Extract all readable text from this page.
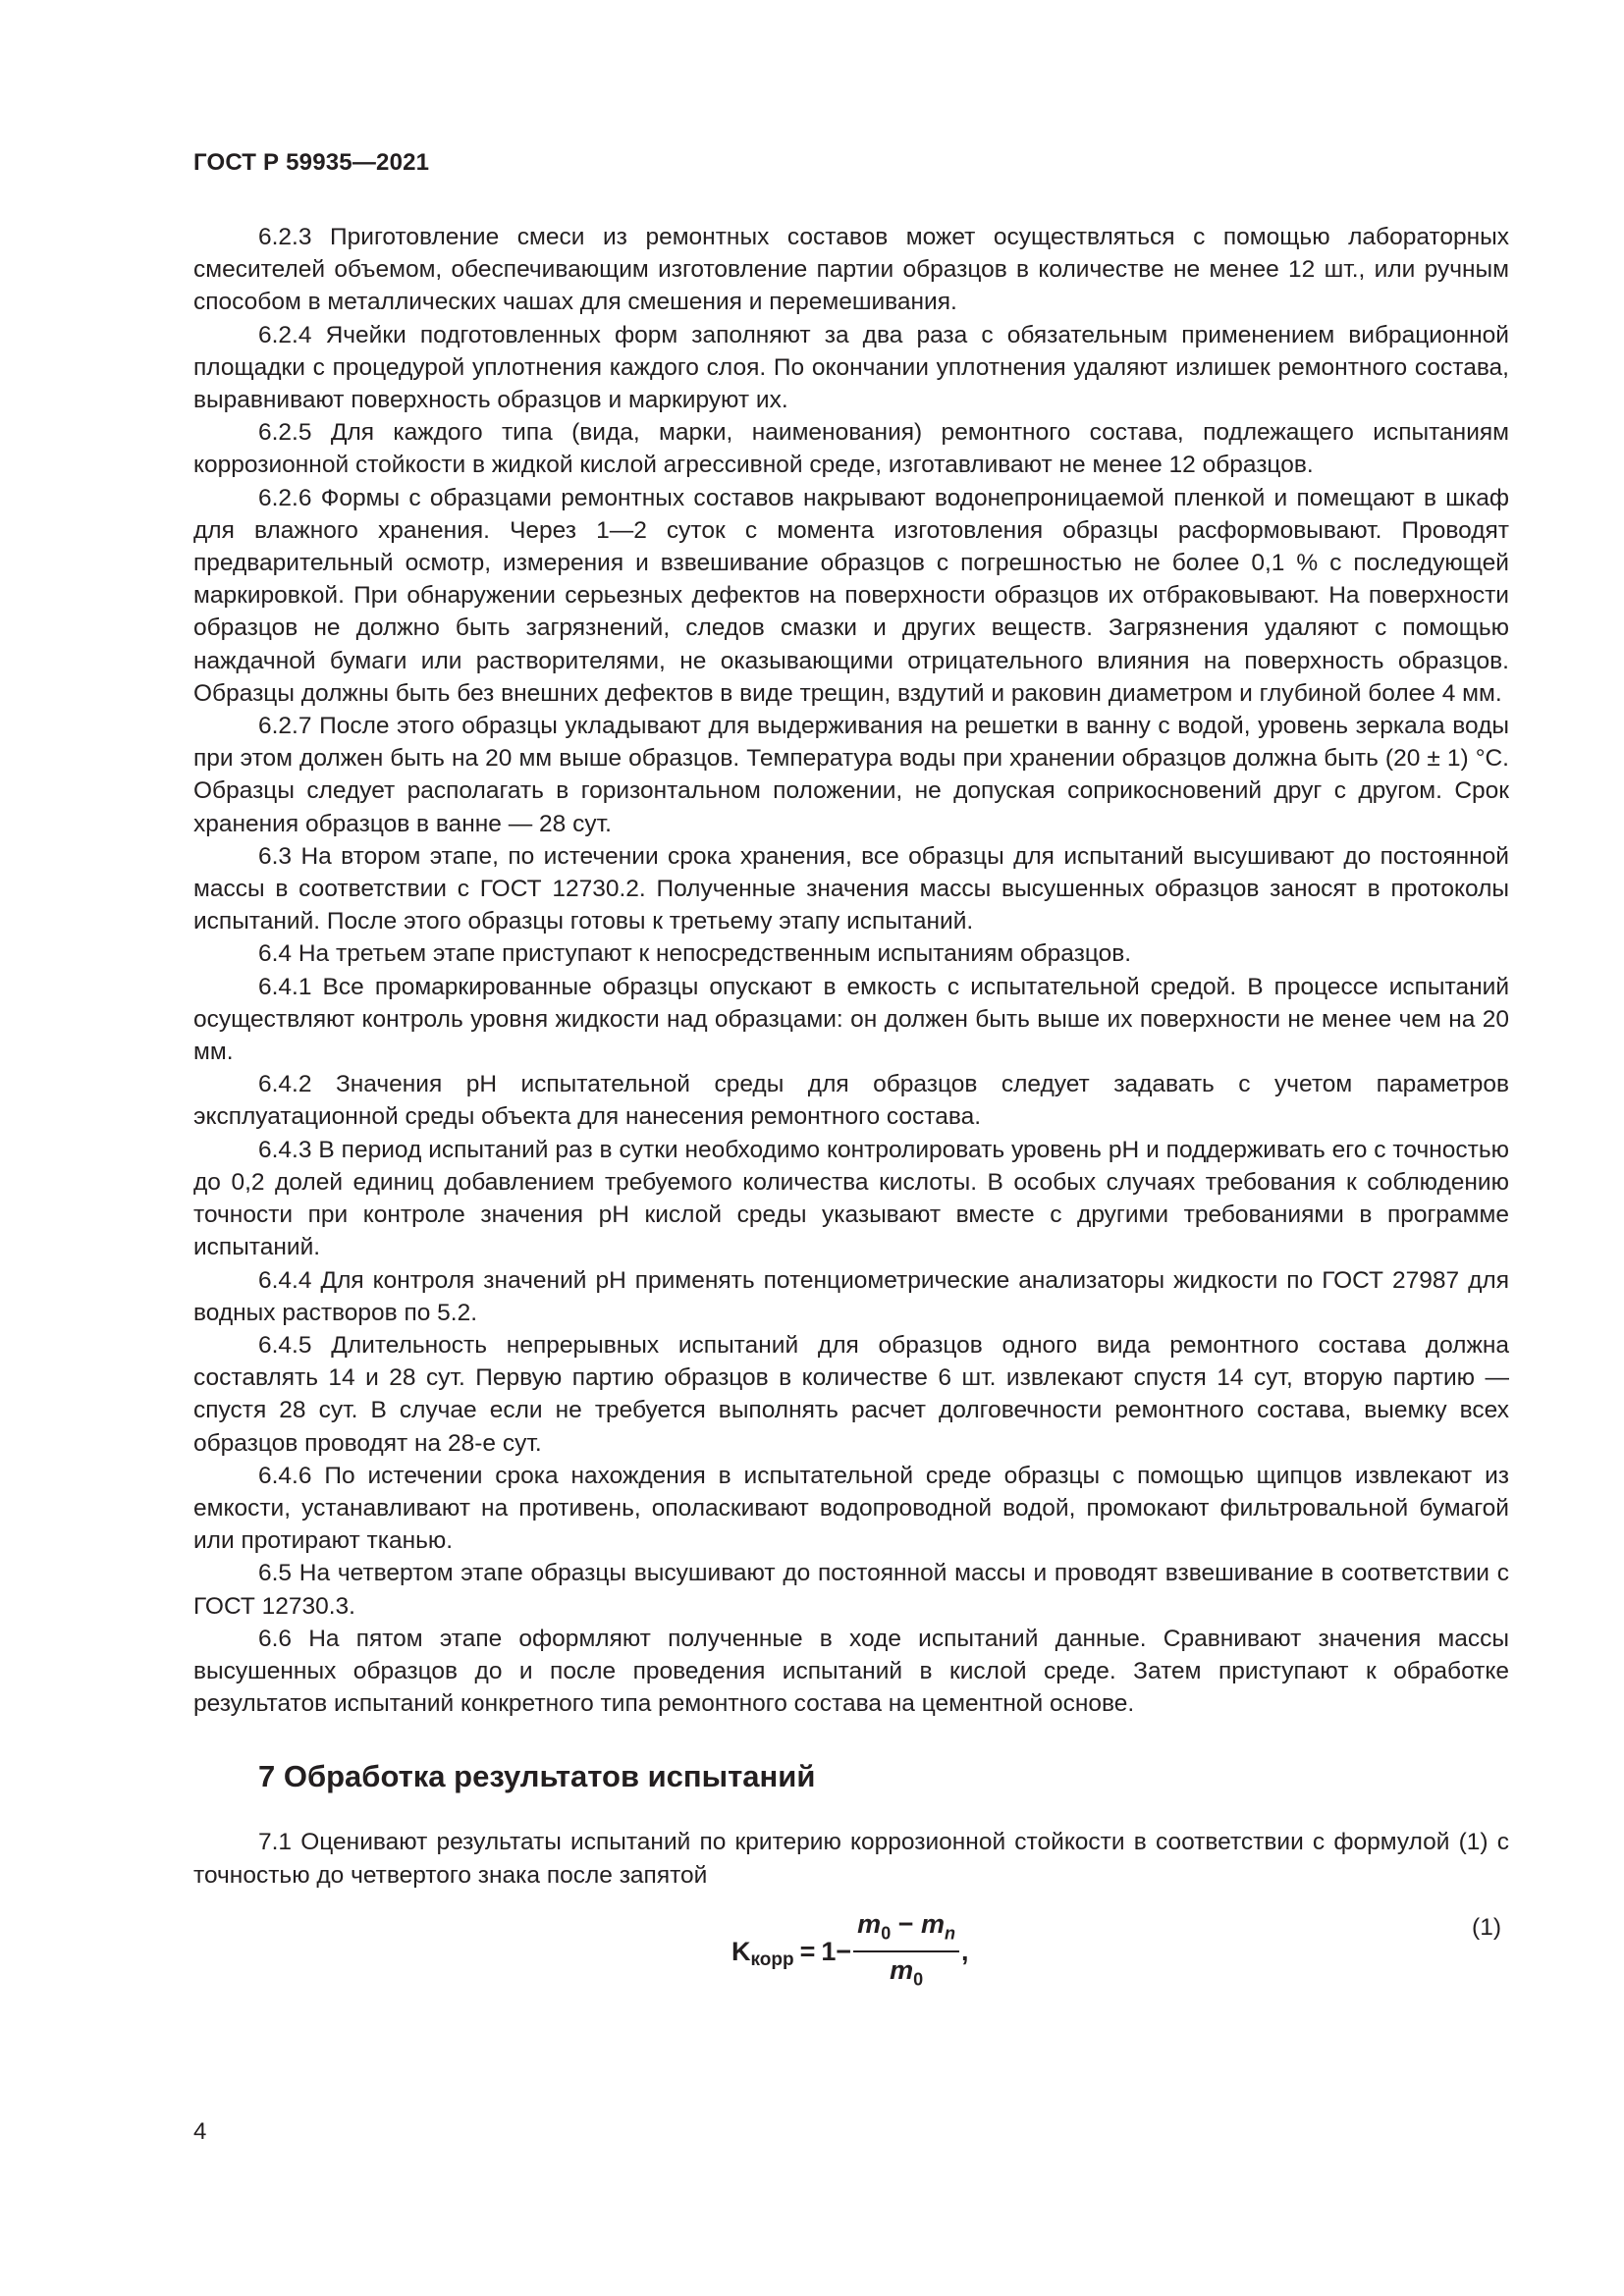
ГОСТ Р 59935—2021

6.2.3 Приготовление смеси из ремонтных составов может осуществляться с помощью лабораторных смесителей объемом, обеспечивающим изготовление партии образцов в количестве не менее 12 шт., или ручным способом в металлических чашах для смешения и перемешивания.

6.2.4 Ячейки подготовленных форм заполняют за два раза с обязательным применением вибрационной площадки с процедурой уплотнения каждого слоя. По окончании уплотнения удаляют излишек ремонтного состава, выравнивают поверхность образцов и маркируют их.

6.2.5 Для каждого типа (вида, марки, наименования) ремонтного состава, подлежащего испытаниям коррозионной стойкости в жидкой кислой агрессивной среде, изготавливают не менее 12 образцов.

6.2.6 Формы с образцами ремонтных составов накрывают водонепроницаемой пленкой и помещают в шкаф для влажного хранения. Через 1—2 суток с момента изготовления образцы расформовывают. Проводят предварительный осмотр, измерения и взвешивание образцов с погрешностью не более 0,1 % с последующей маркировкой. При обнаружении серьезных дефектов на поверхности образцов их отбраковывают. На поверхности образцов не должно быть загрязнений, следов смазки и других веществ. Загрязнения удаляют с помощью наждачной бумаги или растворителями, не оказывающими отрицательного влияния на поверхность образцов. Образцы должны быть без внешних дефектов в виде трещин, вздутий и раковин диаметром и глубиной более 4 мм.

6.2.7 После этого образцы укладывают для выдерживания на решетки в ванну с водой, уровень зеркала воды при этом должен быть на 20 мм выше образцов. Температура воды при хранении образцов должна быть (20 ± 1) °С. Образцы следует располагать в горизонтальном положении, не допуская соприкосновений друг с другом. Срок хранения образцов в ванне — 28 сут.

6.3 На втором этапе, по истечении срока хранения, все образцы для испытаний высушивают до постоянной массы в соответствии с ГОСТ 12730.2. Полученные значения массы высушенных образцов заносят в протоколы испытаний. После этого образцы готовы к третьему этапу испытаний.

6.4 На третьем этапе приступают к непосредственным испытаниям образцов.

6.4.1 Все промаркированные образцы опускают в емкость с испытательной средой. В процессе испытаний осуществляют контроль уровня жидкости над образцами: он должен быть выше их поверхности не менее чем на 20 мм.

6.4.2 Значения pH испытательной среды для образцов следует задавать с учетом параметров эксплуатационной среды объекта для нанесения ремонтного состава.

6.4.3 В период испытаний раз в сутки необходимо контролировать уровень pH и поддерживать его с точностью до 0,2 долей единиц добавлением требуемого количества кислоты. В особых случаях требования к соблюдению точности при контроле значения pH кислой среды указывают вместе с другими требованиями в программе испытаний.

6.4.4 Для контроля значений pH применять потенциометрические анализаторы жидкости по ГОСТ 27987 для водных растворов по 5.2.

6.4.5 Длительность непрерывных испытаний для образцов одного вида ремонтного состава должна составлять 14 и 28 сут. Первую партию образцов в количестве 6 шт. извлекают спустя 14 сут, вторую партию — спустя 28 сут. В случае если не требуется выполнять расчет долговечности ремонтного состава, выемку всех образцов проводят на 28-е сут.

6.4.6 По истечении срока нахождения в испытательной среде образцы с помощью щипцов извлекают из емкости, устанавливают на противень, ополаскивают водопроводной водой, промокают фильтровальной бумагой или протирают тканью.

6.5 На четвертом этапе образцы высушивают до постоянной массы и проводят взвешивание в соответствии с ГОСТ 12730.3.

6.6 На пятом этапе оформляют полученные в ходе испытаний данные. Сравнивают значения массы высушенных образцов до и после проведения испытаний в кислой среде. Затем приступают к обработке результатов испытаний конкретного типа ремонтного состава на цементной основе.

7 Обработка результатов испытаний

7.1 Оценивают результаты испытаний по критерию коррозионной стойкости в соответствии с формулой (1) с точностью до четвертого знака после запятой

K корр = $1 - \frac{m_0 - m_n}{m_0}$ ,
(1)
4
